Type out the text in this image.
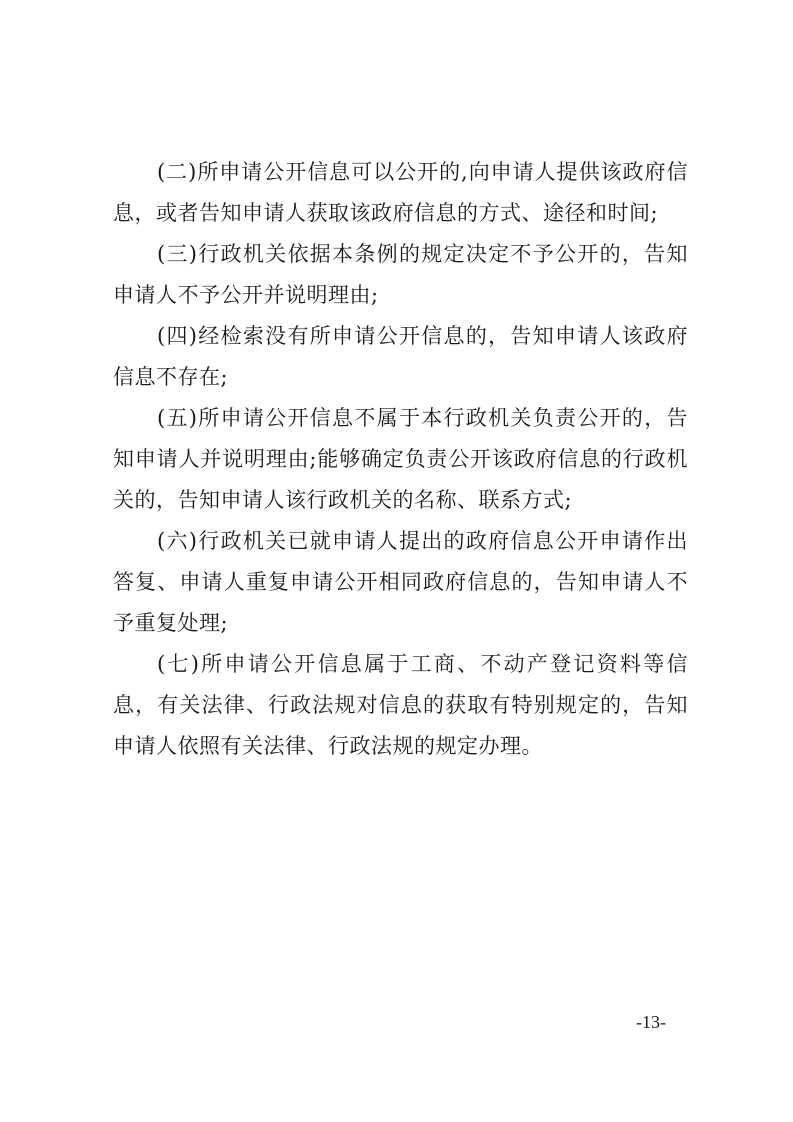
(二)所申请公开信息可以公开的,向申请人提供该政府信息，或者告知申请人获取该政府信息的方式、途径和时间;

(三)行政机关依据本条例的规定决定不予公开的，告知申请人不予公开并说明理由;

(四)经检索没有所申请公开信息的，告知申请人该政府信息不存在;

(五)所申请公开信息不属于本行政机关负责公开的，告知申请人并说明理由;能够确定负责公开该政府信息的行政机关的，告知申请人该行政机关的名称、联系方式;

(六)行政机关已就申请人提出的政府信息公开申请作出答复、申请人重复申请公开相同政府信息的，告知申请人不予重复处理;

(七)所申请公开信息属于工商、不动产登记资料等信息，有关法律、行政法规对信息的获取有特别规定的，告知申请人依照有关法律、行政法规的规定办理。

-13-
